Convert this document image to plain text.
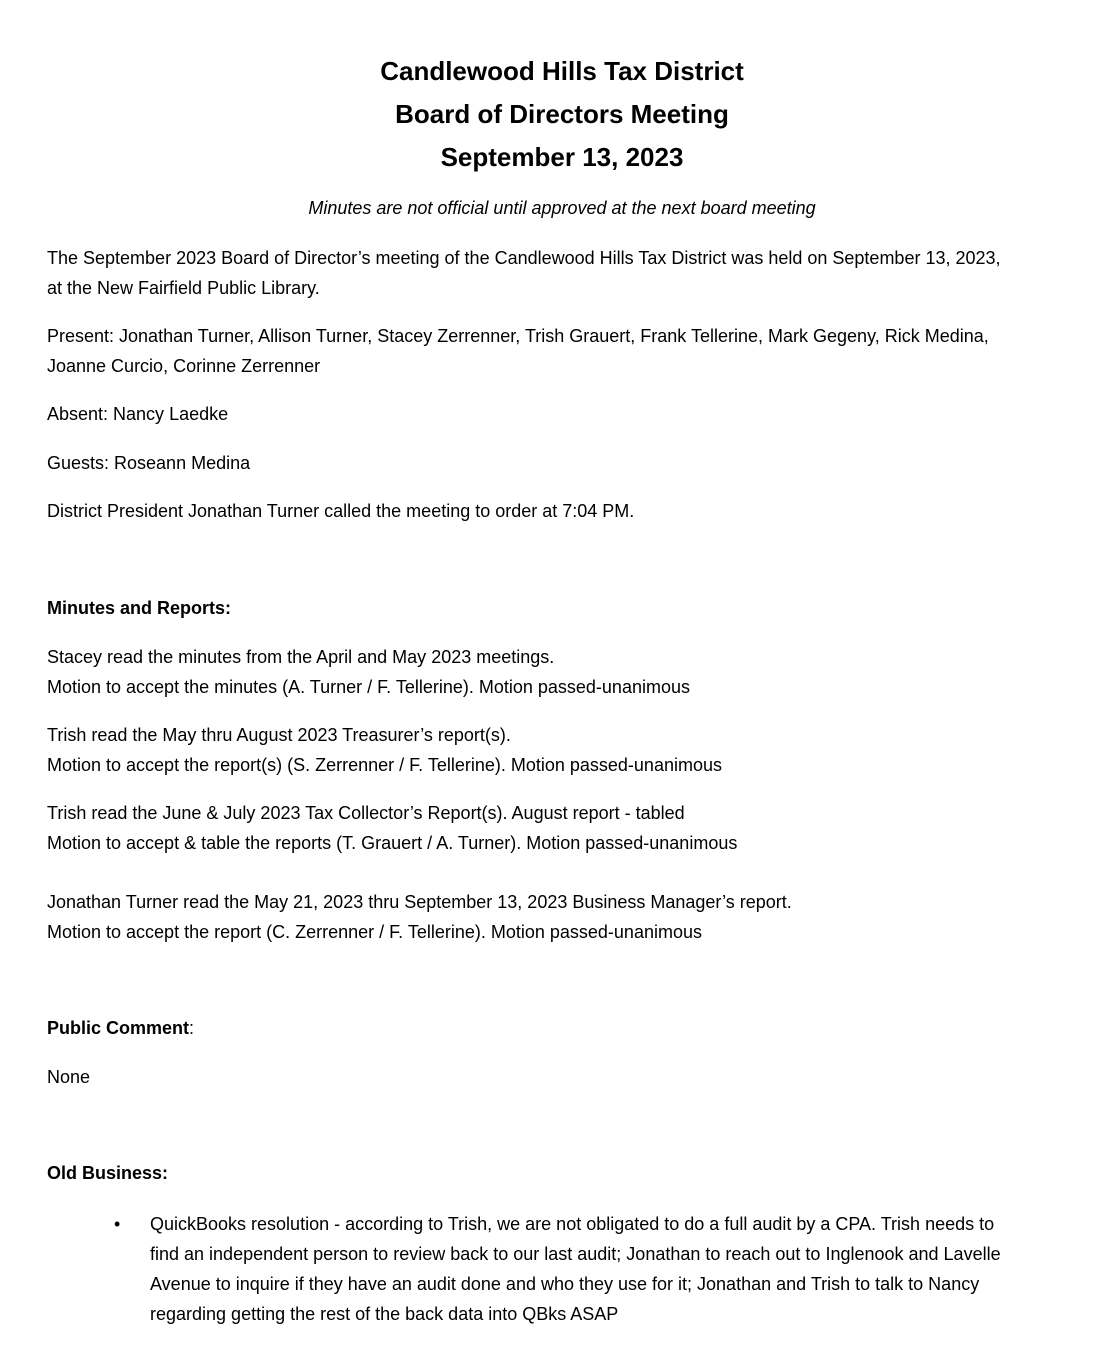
Candlewood Hills Tax District
Board of Directors Meeting
September 13, 2023
Minutes are not official until approved at the next board meeting

The September 2023 Board of Director’s meeting of the Candlewood Hills Tax District was held on September 13, 2023,
at the New Fairfield Public Library.

Present: Jonathan Turner, Allison Turner, Stacey Zerrenner, Trish Grauert, Frank Tellerine, Mark Gegeny, Rick Medina,
Joanne Curcio, Corinne Zerrenner

Absent: Nancy Laedke

Guests: Roseann Medina

District President Jonathan Turner called the meeting to order at 7:04 PM.

Minutes and Reports:

Stacey read the minutes from the April and May 2023 meetings.
Motion to accept the minutes (A. Turner / F. Tellerine). Motion passed-unanimous

Trish read the May thru August 2023 Treasurer’s report(s).
Motion to accept the report(s) (S. Zerrenner / F. Tellerine). Motion passed-unanimous

Trish read the June & July 2023 Tax Collector’s Report(s). August report - tabled
Motion to accept & table the reports (T. Grauert / A. Turner). Motion passed-unanimous

Jonathan Turner read the May 21, 2023 thru September 13, 2023 Business Manager’s report.
Motion to accept the report (C. Zerrenner / F. Tellerine). Motion passed-unanimous

Public Comment:

None

Old Business:
• QuickBooks resolution - according to Trish, we are not obligated to do a full audit by a CPA. Trish needs to
find an independent person to review back to our last audit; Jonathan to reach out to Inglenook and Lavelle
Avenue to inquire if they have an audit done and who they use for it; Jonathan and Trish to talk to Nancy
regarding getting the rest of the back data into QBks ASAP
